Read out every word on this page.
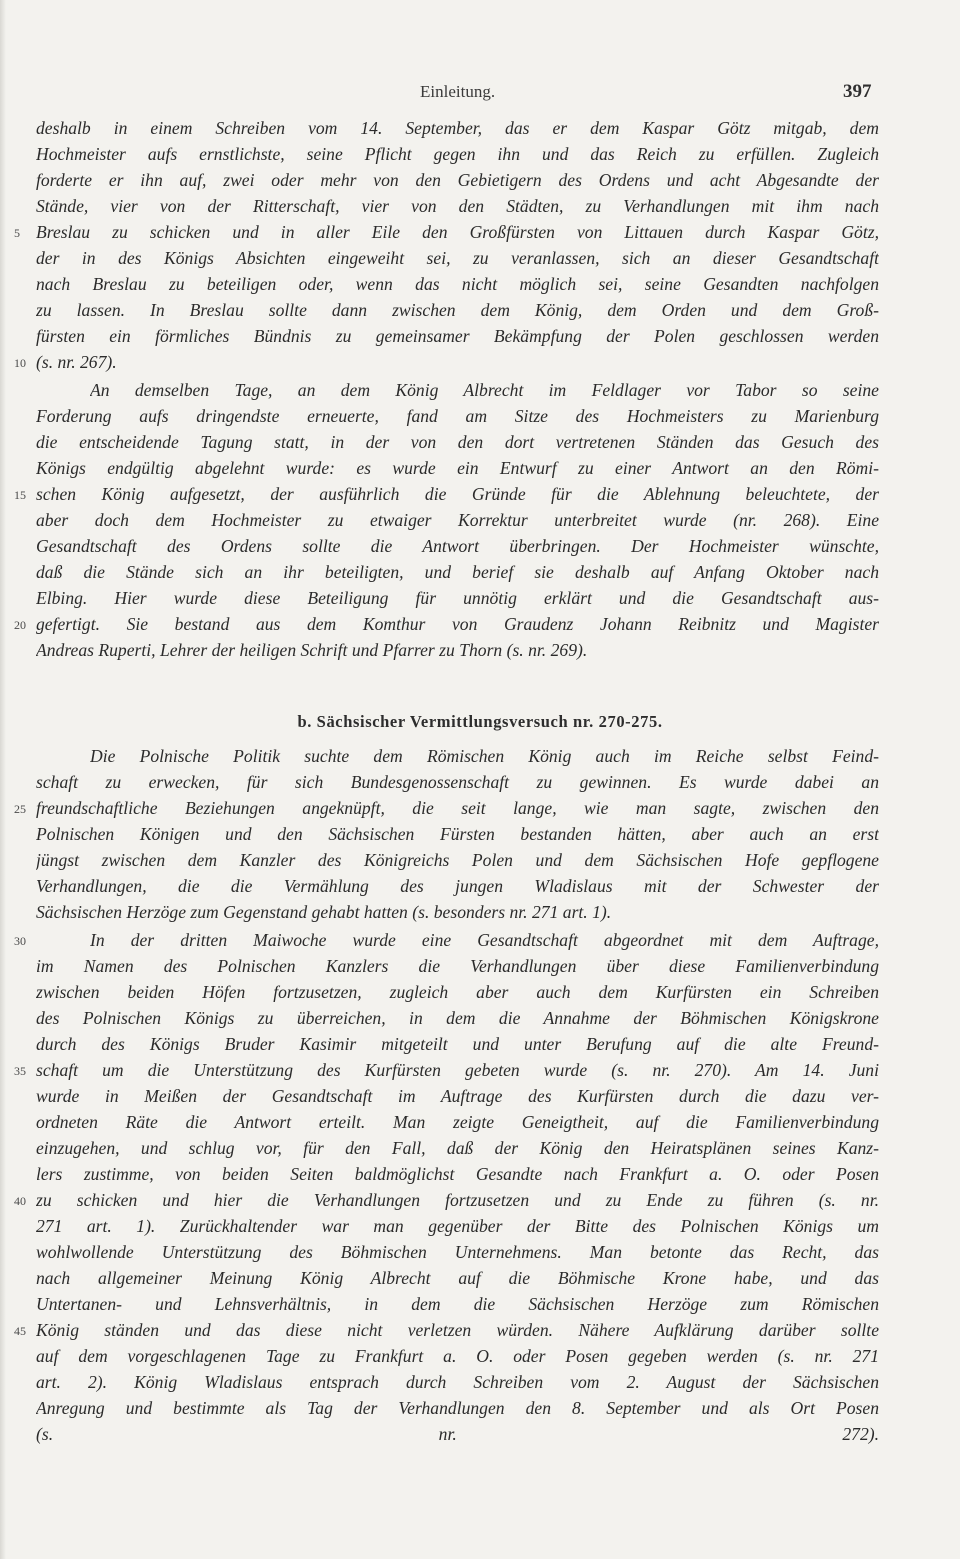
Einleitung.	397
deshalb in einem Schreiben vom 14. September, das er dem Kaspar Götz mitgab, dem
Hochmeister aufs ernstlichste, seine Pflicht gegen ihn und das Reich zu erfüllen. Zugleich
forderte er ihn auf, zwei oder mehr von den Gebietigern des Ordens und acht Abgesandte der
Stände, vier von der Ritterschaft, vier von den Städten, zu Verhandlungen mit ihm nach
Breslau zu schicken und in aller Eile den Großfürsten von Littauen durch Kaspar Götz,
der in des Königs Absichten eingeweiht sei, zu veranlassen, sich an dieser Gesandtschaft
nach Breslau zu beteiligen oder, wenn das nicht möglich sei, seine Gesandten nachfolgen
zu lassen. In Breslau sollte dann zwischen dem König, dem Orden und dem Groß-
fürsten ein förmliches Bündnis zu gemeinsamer Bekämpfung der Polen geschlossen werden
(s. nr. 267).
An demselben Tage, an dem König Albrecht im Feldlager vor Tabor so seine
Forderung aufs dringendste erneuerte, fand am Sitze des Hochmeisters zu Marienburg
die entscheidende Tagung statt, in der von den dort vertretenen Ständen das Gesuch des
Königs endgültig abgelehnt wurde: es wurde ein Entwurf zu einer Antwort an den Römi-
schen König aufgesetzt, der ausführlich die Gründe für die Ablehnung beleuchtete, der
aber doch dem Hochmeister zu etwaiger Korrektur unterbreitet wurde (nr. 268). Eine
Gesandtschaft des Ordens sollte die Antwort überbringen. Der Hochmeister wünschte,
daß die Stände sich an ihr beteiligten, und berief sie deshalb auf Anfang Oktober nach
Elbing. Hier wurde diese Beteiligung für unnötig erklärt und die Gesandtschaft aus-
gefertigt. Sie bestand aus dem Komthur von Graudenz Johann Reibnitz und Magister
Andreas Ruperti, Lehrer der heiligen Schrift und Pfarrer zu Thorn (s. nr. 269).
b. Sächsischer Vermittlungsversuch nr. 270-275.
Die Polnische Politik suchte dem Römischen König auch im Reiche selbst Feind-
schaft zu erwecken, für sich Bundesgenossenschaft zu gewinnen. Es wurde dabei an
freundschaftliche Beziehungen angeknüpft, die seit lange, wie man sagte, zwischen den
Polnischen Königen und den Sächsischen Fürsten bestanden hätten, aber auch an erst
jüngst zwischen dem Kanzler des Königreichs Polen und dem Sächsischen Hofe gepflogene
Verhandlungen, die die Vermählung des jungen Wladislaus mit der Schwester der
Sächsischen Herzöge zum Gegenstand gehabt hatten (s. besonders nr. 271 art. 1).
In der dritten Maiwoche wurde eine Gesandtschaft abgeordnet mit dem Auftrage,
im Namen des Polnischen Kanzlers die Verhandlungen über diese Familienverbindung
zwischen beiden Höfen fortzusetzen, zugleich aber auch dem Kurfürsten ein Schreiben
des Polnischen Königs zu überreichen, in dem die Annahme der Böhmischen Königskrone
durch des Königs Bruder Kasimir mitgeteilt und unter Berufung auf die alte Freund-
schaft um die Unterstützung des Kurfürsten gebeten wurde (s. nr. 270). Am 14. Juni
wurde in Meißen der Gesandtschaft im Auftrage des Kurfürsten durch die dazu ver-
ordneten Räte die Antwort erteilt. Man zeigte Geneigtheit, auf die Familienverbindung
einzugehen, und schlug vor, für den Fall, daß der König den Heiratsplänen seines Kanz-
lers zustimme, von beiden Seiten baldmöglichst Gesandte nach Frankfurt a. O. oder Posen
zu schicken und hier die Verhandlungen fortzusetzen und zu Ende zu führen (s. nr.
271 art. 1). Zurückhaltender war man gegenüber der Bitte des Polnischen Königs um
wohlwollende Unterstützung des Böhmischen Unternehmens. Man betonte das Recht, das
nach allgemeiner Meinung König Albrecht auf die Böhmische Krone habe, und das
Untertanen- und Lehnsverhältnis, in dem die Sächsischen Herzöge zum Römischen
König ständen und das diese nicht verletzen würden. Nähere Aufklärung darüber sollte
auf dem vorgeschlagenen Tage zu Frankfurt a. O. oder Posen gegeben werden (s. nr. 271
art. 2). König Wladislaus entsprach durch Schreiben vom 2. August der Sächsischen
Anregung und bestimmte als Tag der Verhandlungen den 8. September und als Ort Posen
(s. nr. 272).
5
10
15
20
25
30
35
40
45
